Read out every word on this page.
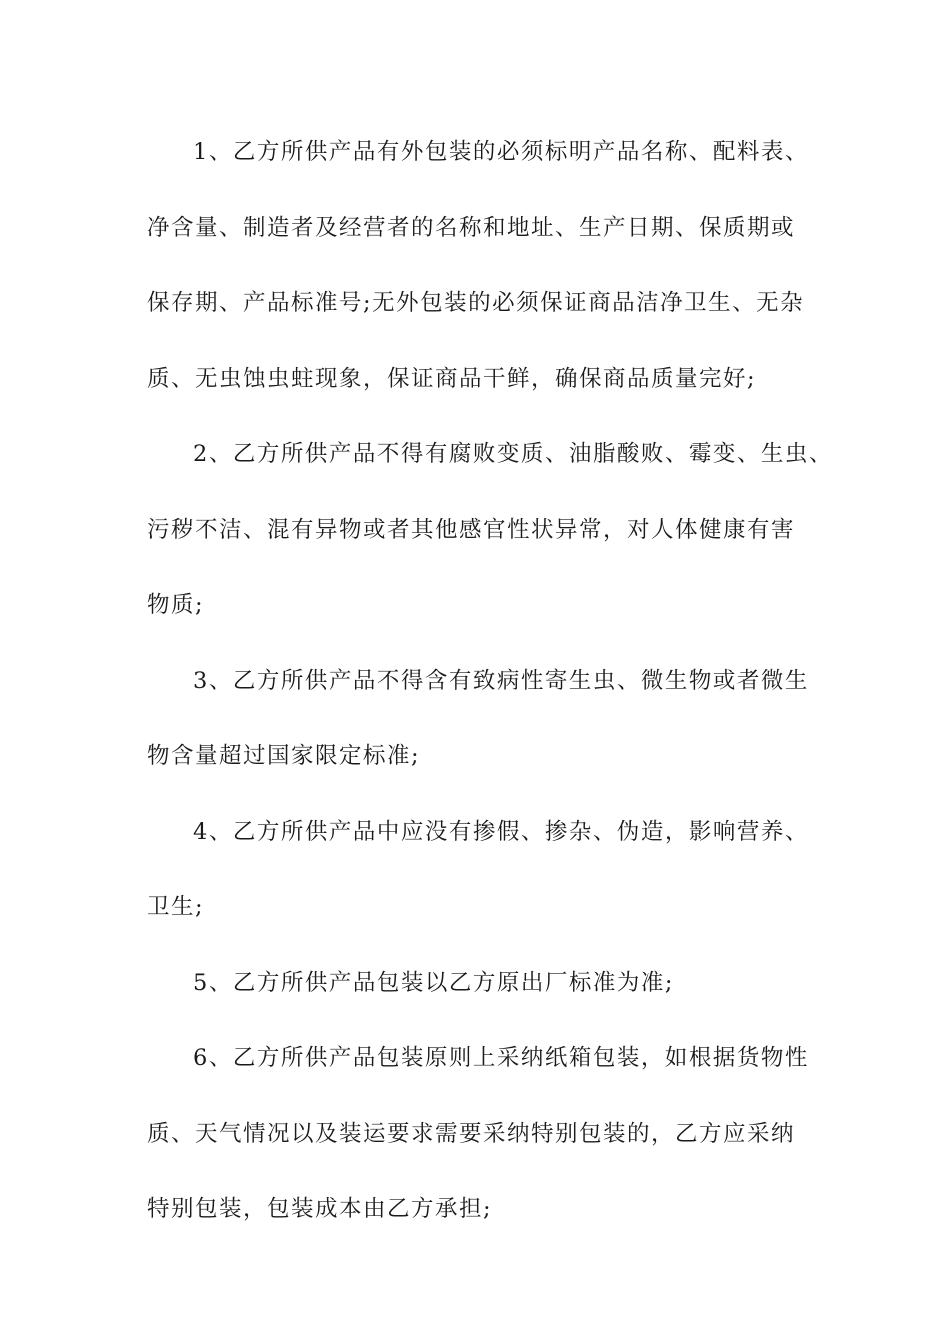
1、乙方所供产品有外包装的必须标明产品名称、配料表、
净含量、制造者及经营者的名称和地址、生产日期、保质期或
保存期、产品标准号;无外包装的必须保证商品洁净卫生、无杂
质、无虫蚀虫蛀现象，保证商品干鲜，确保商品质量完好;
2、乙方所供产品不得有腐败变质、油脂酸败、霉变、生虫、
污秽不洁、混有异物或者其他感官性状异常，对人体健康有害
物质;
3、乙方所供产品不得含有致病性寄生虫、微生物或者微生
物含量超过国家限定标准;
4、乙方所供产品中应没有掺假、掺杂、伪造，影响营养、
卫生;
5、乙方所供产品包装以乙方原出厂标准为准;
6、乙方所供产品包装原则上采纳纸箱包装，如根据货物性
质、天气情况以及装运要求需要采纳特别包装的，乙方应采纳
特别包装，包装成本由乙方承担;
